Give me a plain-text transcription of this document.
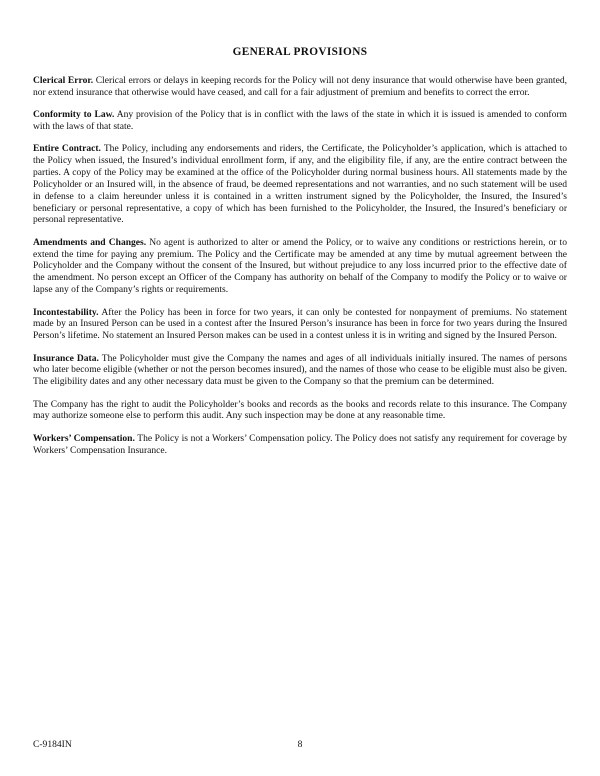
GENERAL PROVISIONS

Clerical Error. Clerical errors or delays in keeping records for the Policy will not deny insurance that would otherwise have been granted, nor extend insurance that otherwise would have ceased, and call for a fair adjustment of premium and benefits to correct the error.

Conformity to Law. Any provision of the Policy that is in conflict with the laws of the state in which it is issued is amended to conform with the laws of that state.

Entire Contract. The Policy, including any endorsements and riders, the Certificate, the Policyholder’s application, which is attached to the Policy when issued, the Insured’s individual enrollment form, if any, and the eligibility file, if any, are the entire contract between the parties. A copy of the Policy may be examined at the office of the Policyholder during normal business hours. All statements made by the Policyholder or an Insured will, in the absence of fraud, be deemed representations and not warranties, and no such statement will be used in defense to a claim hereunder unless it is contained in a written instrument signed by the Policyholder, the Insured, the Insured’s beneficiary or personal representative, a copy of which has been furnished to the Policyholder, the Insured, the Insured’s beneficiary or personal representative.

Amendments and Changes. No agent is authorized to alter or amend the Policy, or to waive any conditions or restrictions herein, or to extend the time for paying any premium. The Policy and the Certificate may be amended at any time by mutual agreement between the Policyholder and the Company without the consent of the Insured, but without prejudice to any loss incurred prior to the effective date of the amendment. No person except an Officer of the Company has authority on behalf of the Company to modify the Policy or to waive or lapse any of the Company’s rights or requirements.

Incontestability. After the Policy has been in force for two years, it can only be contested for nonpayment of premiums. No statement made by an Insured Person can be used in a contest after the Insured Person’s insurance has been in force for two years during the Insured Person’s lifetime. No statement an Insured Person makes can be used in a contest unless it is in writing and signed by the Insured Person.

Insurance Data. The Policyholder must give the Company the names and ages of all individuals initially insured. The names of persons who later become eligible (whether or not the person becomes insured), and the names of those who cease to be eligible must also be given. The eligibility dates and any other necessary data must be given to the Company so that the premium can be determined.

The Company has the right to audit the Policyholder’s books and records as the books and records relate to this insurance. The Company may authorize someone else to perform this audit. Any such inspection may be done at any reasonable time.

Workers’ Compensation. The Policy is not a Workers’ Compensation policy. The Policy does not satisfy any requirement for coverage by Workers’ Compensation Insurance.

C-9184IN	8
